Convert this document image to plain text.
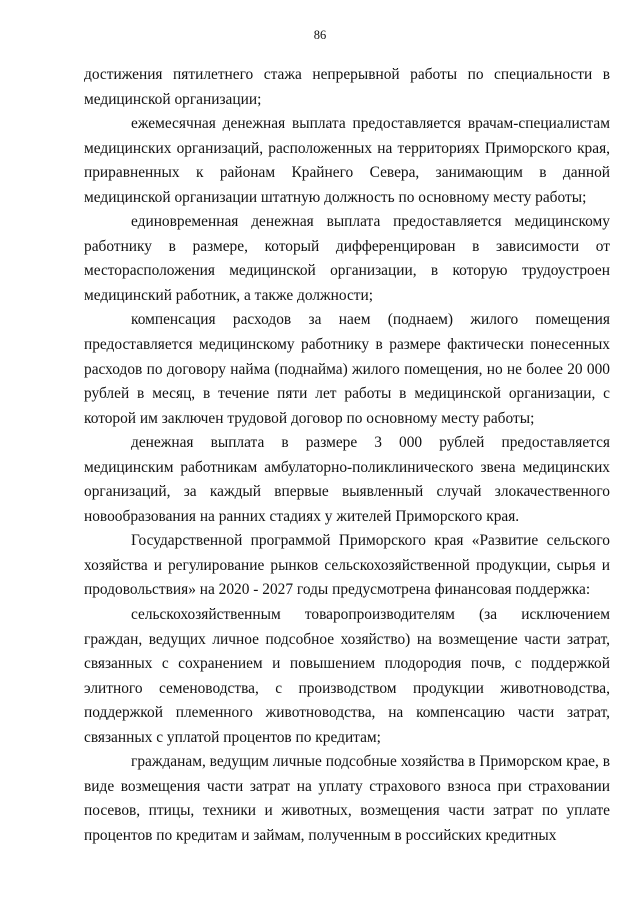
86

достижения пятилетнего стажа непрерывной работы по специальности в медицинской организации;

ежемесячная денежная выплата предоставляется врачам-специалистам медицинских организаций, расположенных на территориях Приморского края, приравненных к районам Крайнего Севера, занимающим в данной медицинской организации штатную должность по основному месту работы;

единовременная денежная выплата предоставляется медицинскому работнику в размере, который дифференцирован в зависимости от месторасположения медицинской организации, в которую трудоустроен медицинский работник, а также должности;

компенсация расходов за наем (поднаем) жилого помещения предоставляется медицинскому работнику в размере фактически понесенных расходов по договору найма (поднайма) жилого помещения, но не более 20 000 рублей в месяц, в течение пяти лет работы в медицинской организации, с которой им заключен трудовой договор по основному месту работы;

денежная выплата в размере 3 000 рублей предоставляется медицинским работникам амбулаторно-поликлинического звена медицинских организаций, за каждый впервые выявленный случай злокачественного новообразования на ранних стадиях у жителей Приморского края.

Государственной программой Приморского края «Развитие сельского хозяйства и регулирование рынков сельскохозяйственной продукции, сырья и продовольствия» на 2020 - 2027 годы предусмотрена финансовая поддержка:

сельскохозяйственным товаропроизводителям (за исключением граждан, ведущих личное подсобное хозяйство) на возмещение части затрат, связанных с сохранением и повышением плодородия почв, с поддержкой элитного семеноводства, с производством продукции животноводства, поддержкой племенного животноводства, на компенсацию части затрат, связанных с уплатой процентов по кредитам;

гражданам, ведущим личные подсобные хозяйства в Приморском крае, в виде возмещения части затрат на уплату страхового взноса при страховании посевов, птицы, техники и животных, возмещения части затрат по уплате процентов по кредитам и займам, полученным в российских кредитных
